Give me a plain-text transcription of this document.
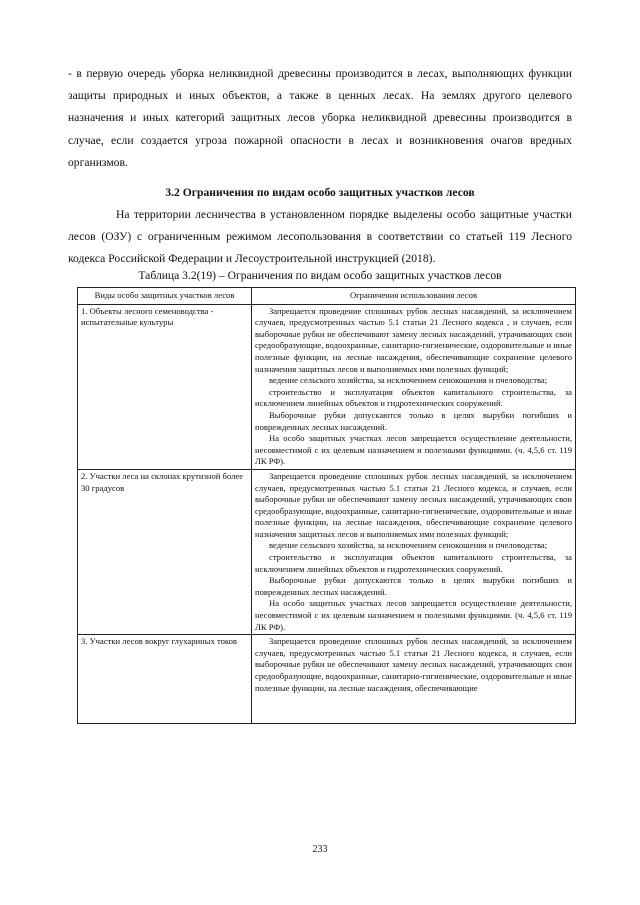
- в первую очередь уборка неликвидной древесины производится в лесах, выполняющих функции защиты природных и иных объектов, а также в ценных лесах. На землях другого целевого назначения и иных категорий защитных лесов уборка неликвидной древесины производится в случае, если создается угроза пожарной опасности в лесах и возникновения очагов вредных организмов.
3.2 Ограничения по видам особо защитных участков лесов
На территории лесничества в установленном порядке выделены особо защитные участки лесов (ОЗУ) с ограниченным режимом лесопользования в соответствии со статьей 119 Лесного кодекса Российской Федерации и Лесоустроительной инструкцией (2018).
Таблица 3.2(19) – Ограничения по видам особо защитных участков лесов
Виды особо защитных участков лесов	Ограничения использования лесов
1. Объекты лесного семеноводства - испытательные культуры	Запрещается проведение сплошных рубок лесных насаждений, за исключением случаев, предусмотренных частью 5.1 статьи 21 Лесного кодекса , и случаев, если выборочные рубки не обеспечивают замену лесных насаждений, утрачивающих свои средообразующие, водоохранные, санитарно-гигиенические, оздоровительные и иные полезные функции, на лесные насаждения, обеспечивающие сохранение целевого назначения защитных лесов и выполняемых ими полезных функций;

ведение сельского хозяйства, за исключением сенокошения и пчеловодства;

строительство и эксплуатация объектов капитального строительства, за исключением линейных объектов и гидротехнических сооружений.

Выборочные рубки допускаются только в целях вырубки погибших и поврежденных лесных насаждений.

На особо защитных участках лесов запрещается осуществление деятельности, несовместимой с их целевым назначением и полезными функциями. (ч. 4,5,6 ст. 119 ЛК РФ).

2. Участки леса на склонах крутизной более 30 градусов	Запрещается проведение сплошных рубок лесных насаждений, за исключением случаев, предусмотренных частью 5.1 статьи 21 Лесного кодекса, и случаев, если выборочные рубки не обеспечивают замену лесных насаждений, утрачивающих свои средообразующие, водоохранные, санитарно-гигиенические, оздоровительные и иные полезные функции, на лесные насаждения, обеспечивающие сохранение целевого назначения защитных лесов и выполняемых ими полезных функций;

ведение сельского хозяйства, за исключением сенокошения и пчеловодства;

строительство и эксплуатация объектов капитального строительства, за исключением линейных объектов и гидротехнических сооружений.

Выборочные рубки допускаются только в целях вырубки погибших и поврежденных лесных насаждений.

На особо защитных участках лесов запрещается осуществление деятельности, несовместимой с их целевым назначением и полезными функциями. (ч. 4,5,6 ст. 119 ЛК РФ).

3. Участки лесов вокруг глухариных токов	Запрещается проведение сплошных рубок лесных насаждений, за исключением случаев, предусмотренных частью 5.1 статьи 21 Лесного кодекса, и случаев, если выборочные рубки не обеспечивают замену лесных насаждений, утрачивающих свои средообразующие, водоохранные, санитарно-гигиенические, оздоровительные и иные полезные функции, на лесные насаждения, обеспечивающие

233
